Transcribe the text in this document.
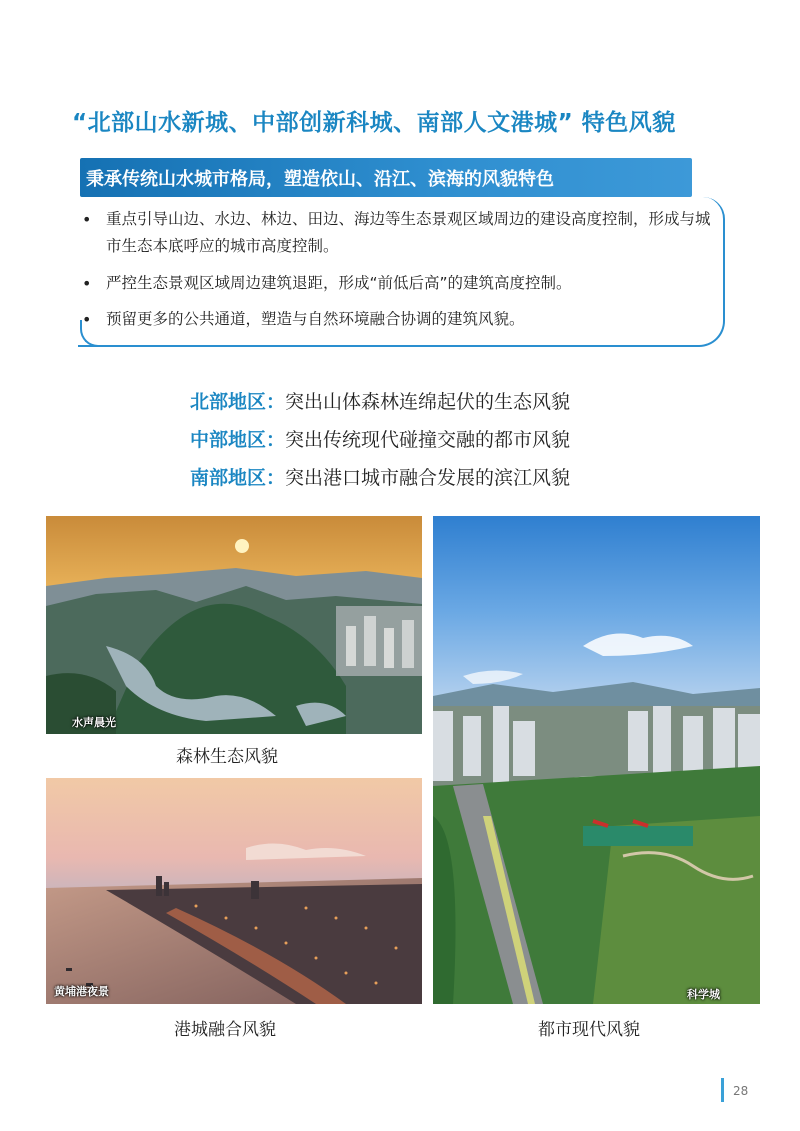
“北部山水新城、中部创新科城、南部人文港城” 特色风貌
秉承传统山水城市格局，塑造依山、沿江、滨海的风貌特色
• 重点引导山边、水边、林边、田边、海边等生态景观区域周边的建设高度控制，形成与城市生态本底呼应的城市高度控制。
• 严控生态景观区域周边建筑退距，形成“前低后高”的建筑高度控制。
• 预留更多的公共通道，塑造与自然环境融合协调的建筑风貌。
北部地区：突出山体森林连绵起伏的生态风貌
中部地区：突出传统现代碰撞交融的都市风貌
南部地区：突出港口城市融合发展的滨江风貌
水声晨光
森林生态风貌
黄埔港夜景
港城融合风貌
科学城
都市现代风貌
28
